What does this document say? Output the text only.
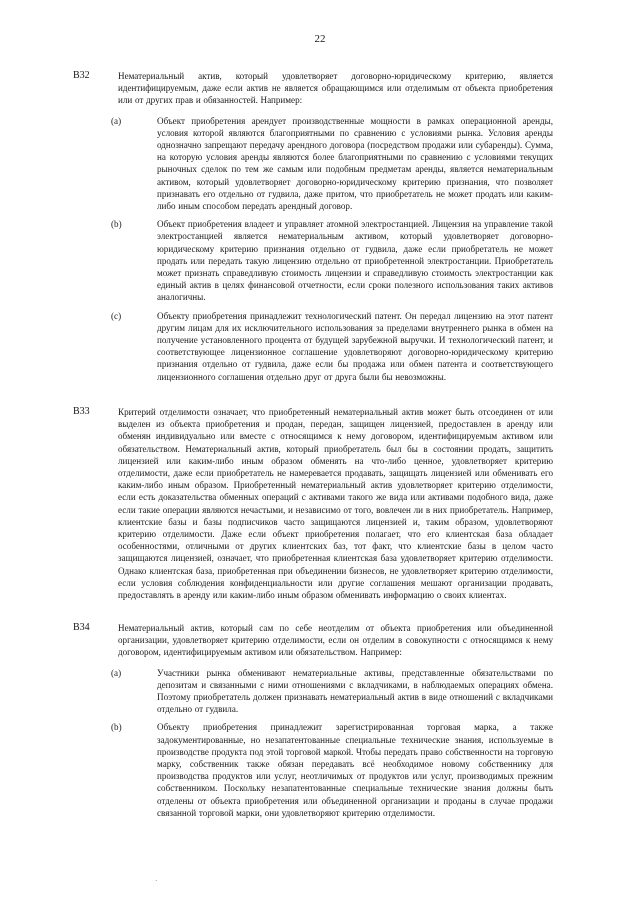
22
B32	Нематериальный актив, который удовлетворяет договорно-юридическому критерию, является идентифицируемым, даже если актив не является обращающимся или отделимым от объекта приобретения или от других прав и обязанностей. Например:
(a)	Объект приобретения арендует производственные мощности в рамках операционной аренды, условия которой являются благоприятными по сравнению с условиями рынка. Условия аренды однозначно запрещают передачу арендного договора (посредством продажи или субаренды). Сумма, на которую условия аренды являются более благоприятными по сравнению с условиями текущих рыночных сделок по тем же самым или подобным предметам аренды, является нематериальным активом, который удовлетворяет договорно-юридическому критерию признания, что позволяет признавать его отдельно от гудвила, даже притом, что приобретатель не может продать или каким-либо иным способом передать арендный договор.
(b)	Объект приобретения владеет и управляет атомной электростанцией. Лицензия на управление такой электростанцией является нематериальным активом, который удовлетворяет договорно-юридическому критерию признания отдельно от гудвила, даже если приобретатель не может продать или передать такую лицензию отдельно от приобретенной электростанции. Приобретатель может признать справедливую стоимость лицензии и справедливую стоимость электростанции как единый актив в целях финансовой отчетности, если сроки полезного использования таких активов аналогичны.
(c)	Объекту приобретения принадлежит технологический патент. Он передал лицензию на этот патент другим лицам для их исключительного использования за пределами внутреннего рынка в обмен на получение установленного процента от будущей зарубежной выручки. И технологический патент, и соответствующее лицензионное соглашение удовлетворяют договорно-юридическому критерию признания отдельно от гудвила, даже если бы продажа или обмен патента и соответствующего лицензионного соглашения отдельно друг от друга были бы невозможны.
B33	Критерий отделимости означает, что приобретенный нематериальный актив может быть отсоединен от или выделен из объекта приобретения и продан, передан, защищен лицензией, предоставлен в аренду или обменян индивидуально или вместе с относящимся к нему договором, идентифицируемым активом или обязательством. Нематериальный актив, который приобретатель был бы в состоянии продать, защитить лицензией или каким-либо иным образом обменять на что-либо ценное, удовлетворяет критерию отделимости, даже если приобретатель не намеревается продавать, защищать лицензией или обменивать его каким-либо иным образом. Приобретенный нематериальный актив удовлетворяет критерию отделимости, если есть доказательства обменных операций с активами такого же вида или активами подобного вида, даже если такие операции являются нечастыми, и независимо от того, вовлечен ли в них приобретатель. Например, клиентские базы и базы подписчиков часто защищаются лицензией и, таким образом, удовлетворяют критерию отделимости. Даже если объект приобретения полагает, что его клиентская база обладает особенностями, отличными от других клиентских баз, тот факт, что клиентские базы в целом часто защищаются лицензией, означает, что приобретенная клиентская база удовлетворяет критерию отделимости. Однако клиентская база, приобретенная при объединении бизнесов, не удовлетворяет критерию отделимости, если условия соблюдения конфиденциальности или другие соглашения мешают организации продавать, предоставлять в аренду или каким-либо иным образом обменивать информацию о своих клиентах.
B34	Нематериальный актив, который сам по себе неотделим от объекта приобретения или объединенной организации, удовлетворяет критерию отделимости, если он отделим в совокупности с относящимся к нему договором, идентифицируемым активом или обязательством. Например:
(a)	Участники рынка обменивают нематериальные активы, представленные обязательствами по депозитам и связанными с ними отношениями с вкладчиками, в наблюдаемых операциях обмена. Поэтому приобретатель должен признавать нематериальный актив в виде отношений с вкладчиками отдельно от гудвила.
(b)	Объекту приобретения принадлежит зарегистрированная торговая марка, а также задокументированные, но незапатентованные специальные технические знания, используемые в производстве продукта под этой торговой маркой. Чтобы передать право собственности на торговую марку, собственник также обязан передавать всё необходимое новому собственнику для производства продуктов или услуг, неотличимых от продуктов или услуг, производимых прежним собственником. Поскольку незапатентованные специальные технические знания должны быть отделены от объекта приобретения или объединенной организации и проданы в случае продажи связанной торговой марки, они удовлетворяют критерию отделимости.
·
